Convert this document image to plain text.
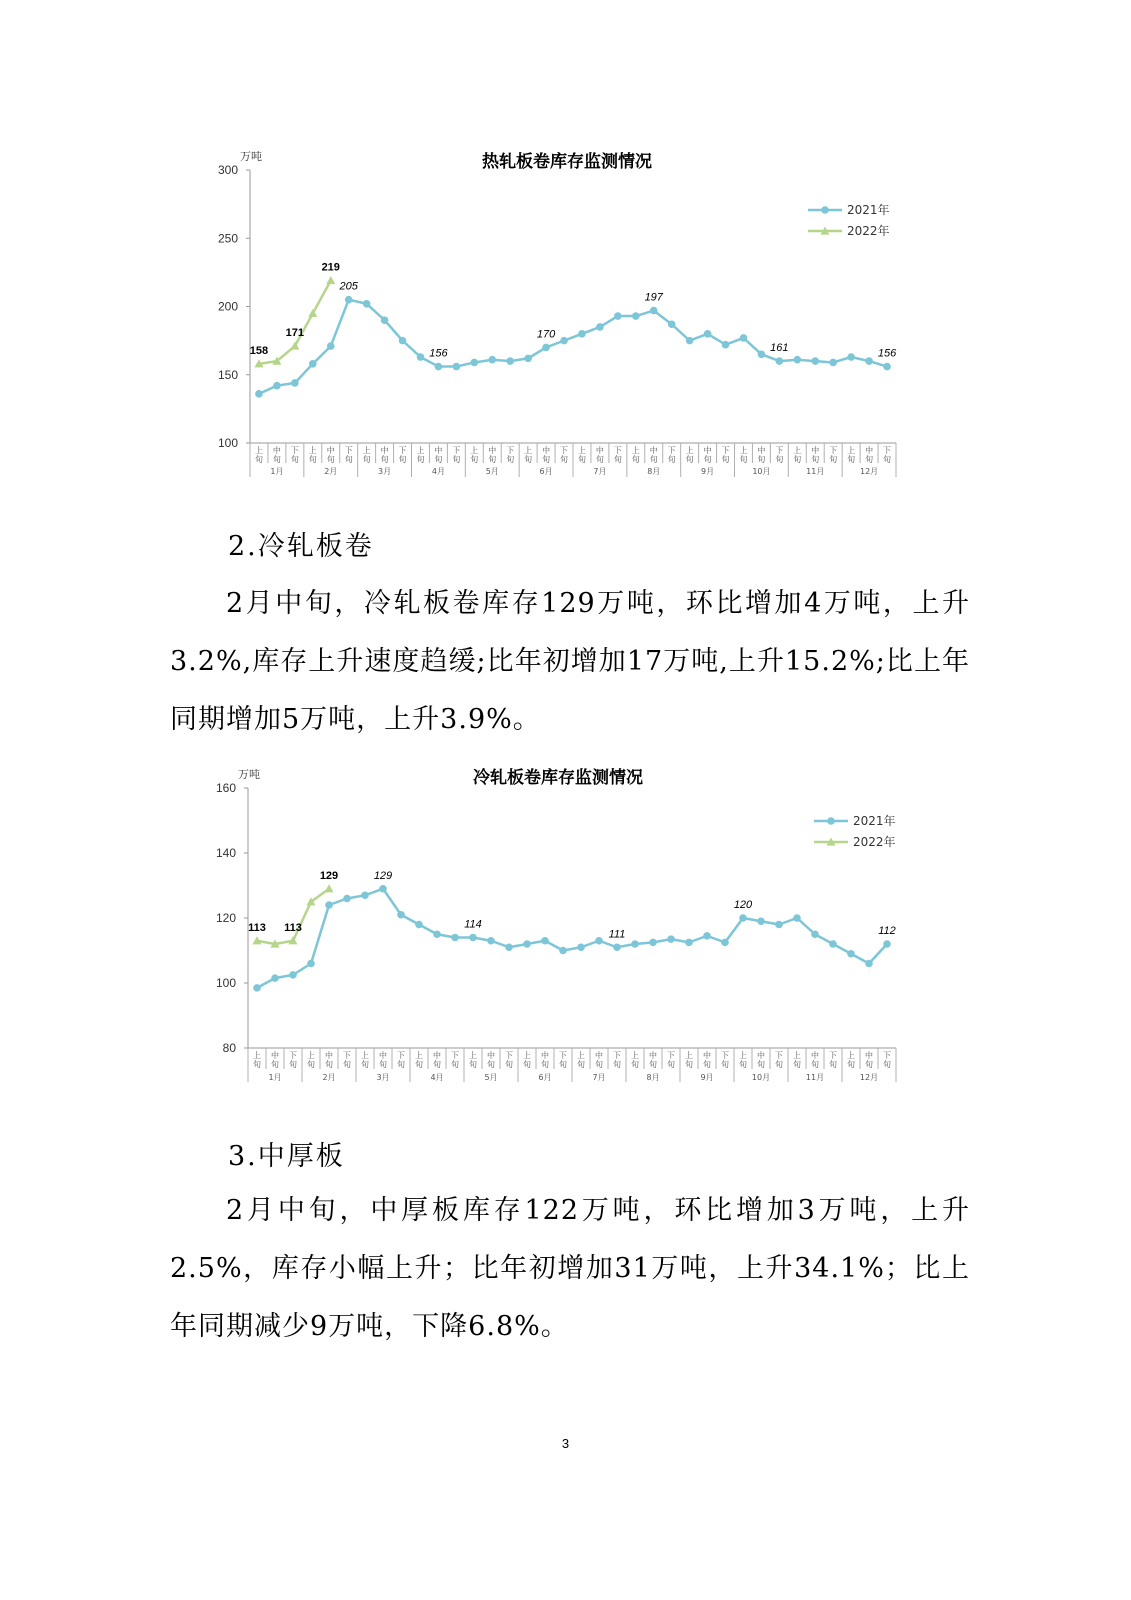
热轧板卷库存监测情况
万吨
100
150
200
250
300
上旬
中旬
下旬
上旬
中旬
下旬
上旬
中旬
下旬
上旬
中旬
下旬
上旬
中旬
下旬
上旬
中旬
下旬
上旬
中旬
下旬
上旬
中旬
下旬
上旬
中旬
下旬
上旬
中旬
下旬
上旬
中旬
下旬
上旬
中旬
下旬
1月	2月	3月	4月	5月	6月	7月	8月	9月	10月	11月	12月
205
156
170
197
161	156
2021年
158
171
219
2022年
2.冷轧板卷

2月中旬，冷轧板卷库存129万吨，环比增加4万吨，上升3.2%,库存上升速度趋缓;比年初增加17万吨,上升15.2%;比上年同期增加5万吨，上升3.9%。

冷轧板卷库存监测情况
万吨
80
100
120
140
160
上旬
中旬
下旬
上旬
中旬
下旬
上旬
中旬
下旬
上旬
中旬
下旬
上旬
中旬
下旬
上旬
中旬
下旬
上旬
中旬
下旬
上旬
中旬
下旬
上旬
中旬
下旬
上旬
中旬
下旬
上旬
中旬
下旬
上旬
中旬
下旬
1月	2月	3月	4月	5月	6月	7月	8月	9月	10月	11月	12月
129
114
111
120
112
2021年
113 113
129
2022年
3.中厚板

2月中旬，中厚板库存122万吨，环比增加3万吨，上升2.5%，库存小幅上升；比年初增加31万吨，上升34.1%；比上年同期减少9万吨，下降6.8%。

3
